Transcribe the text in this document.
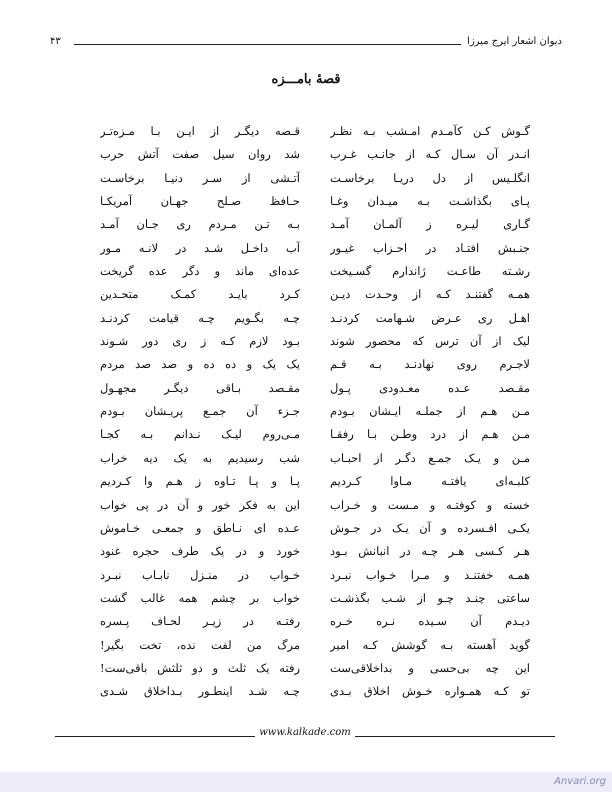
دیوان اشعار ایرج میرزا
۴۳
قصهٔ بامـــزه
گـوش کـن کآمـدم امـشب بـه نظـر
انـدر آن سـال کـه از جانـب غـرب
انگلـیس از دل دریـا برخاسـت
پـای بگذاشـت بـه میـدان وغـا
گـاری لیـره ز آلمـان آمـد
جنـبش افتـاد در احـزاب غیـور
رشـته طاعـت ژاندارم گسـیخت
همـه گفتنـد کـه از وحـدت دیـن
اهـل ری عـرض شـهامت کردنـد
لیک از آن ترس که محصور شوند
لاجـرم روی نهادنـد بـه قـم
مقـصد عـده معـدودی پـول
مـن هـم از جملـه ایـشان بـودم
مـن هـم از درد وطـن بـا رفقـا
مـن و یـک جمـع دگـر از احبـاب
کلبـه‌ای یافتـه مـاوا کـردیم
خسته و کوفتـه و مـست و خـراب
یکـی افـسرده و آن یـک در جـوش
هـر کـسی هـر چـه در انبانش بـود
همـه خفتنـد و مـرا خـواب نبـرد
ساعتی چنـد چـو از شـب بگذشـت
دیـدم آن سـیده نـره خـره
گوید آهسته بـه گوشش کـه امیر
این چه بی‌حسی و بداخلاقی‌ست
تو کـه همـواره خـوش اخلاق بـدی
قـصه دیگـر از ایـن بـا مـزه‌تـر
شد روان سیل صفت آتش حرب
آتـشی از سـر دنیـا برخاسـت
حـافظ صـلح جهـان آمریکـا
بـه تـن مـردم ری جـان آمـد
آب داخـل شـد در لانـه مـور
عده‌ای ماند و دگر عده گریخت
کـرد بایـد کمـک متحـدین
چـه بگـویم چـه قیامت کردنـد
بـود لازم کـه ز ری دور شـوند
یک یک و ده ده و صد صد مردم
مقـصد بـاقی دیگـر مجهـول
جـزء آن جمـع پریـشان بـودم
مـی‌روم لیـک نـدانم بـه کجـا
شب رسیدیم به یک دیه خراب
پـا و پـا تـاوه ز هـم وا کـردیم
این به فکر خور و آن در پی خواب
عـده ای نـاطق و جمعـی خـاموش
خورد و در یک طرف حجره غنود
خـواب در منـزل نابـاب نبـرد
خواب بر چشم همه غالب گشت
رفتـه در زیـر لحـاف پـسره
مرگ من لفت نده، تخت بگیر!
رفته یک ثلث و دو ثلثش باقی‌ست!
چـه شـد اینطـور بـداخلاق شـدی
www.kalkade.com
Anvari.org
